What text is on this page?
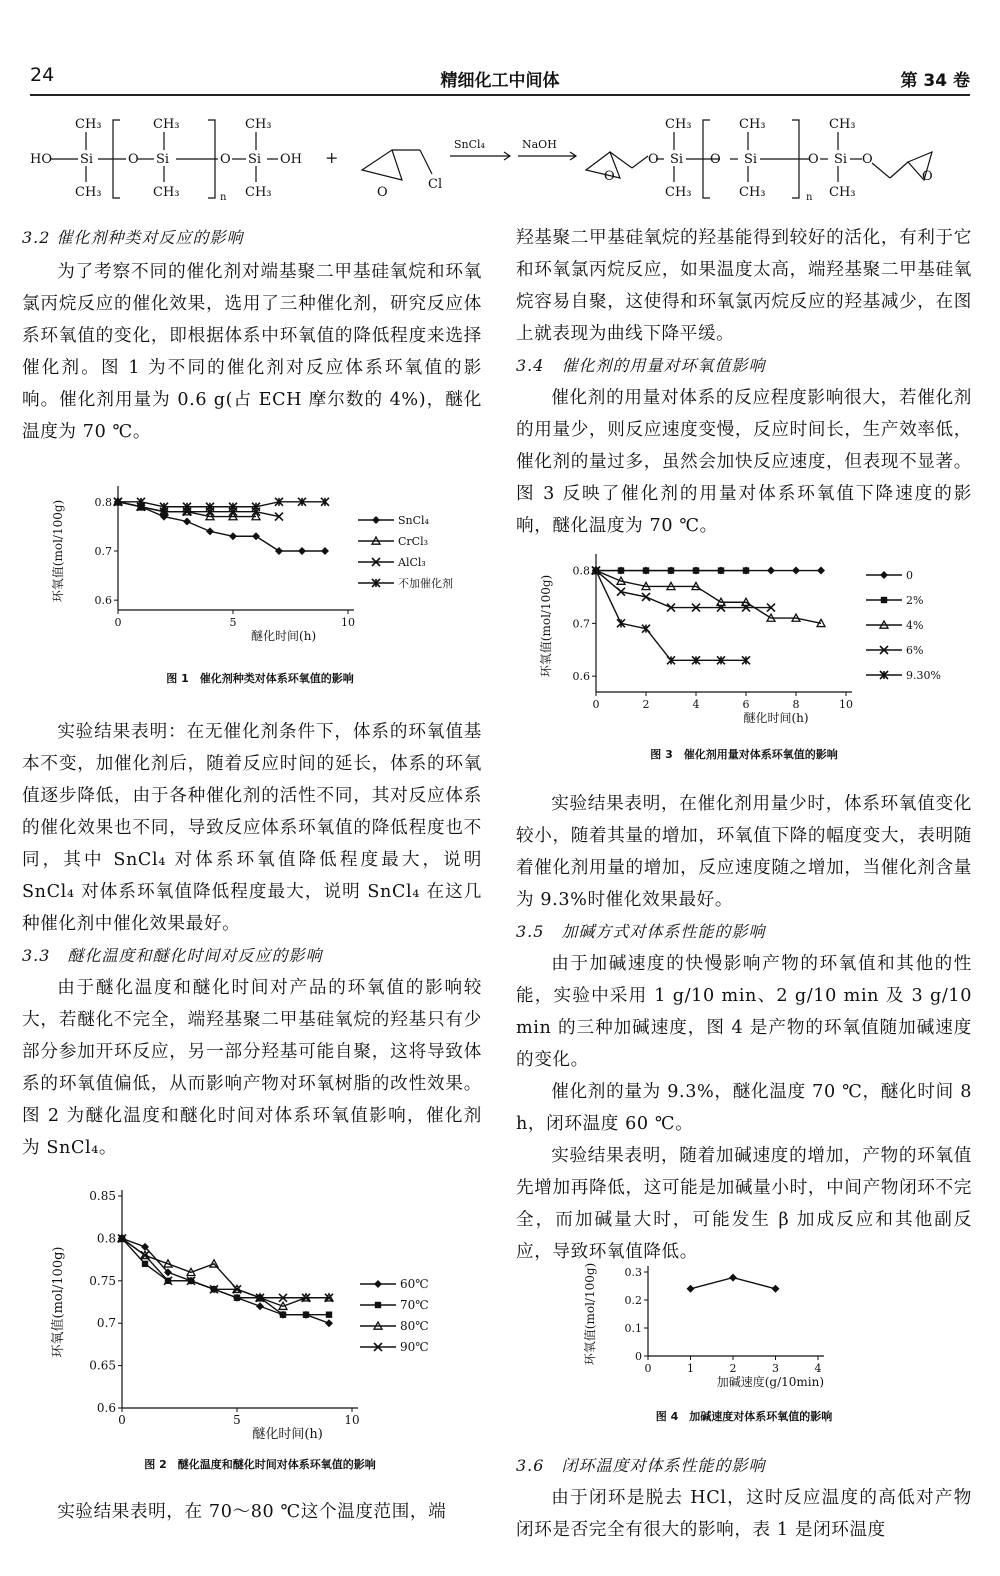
24	精细化工中间体	第 34 卷
CH₃
CH₃
HO Si	O
CH₃
CH₃
Si
n
O
CH₃
CH₃
Si OH +
Cl
O
SnCl₄	NaOH
CH₃
CH₃
Si O
CH₃
CH₃
Si
n
O
CH₃
CH₃
Si O
O	O
O
3.2 催化剂种类对反应的影响

为了考察不同的催化剂对端基聚二甲基硅氧烷和环氧氯丙烷反应的催化效果，选用了三种催化剂，研究反应体系环氧值的变化，即根据体系中环氧值的降低程度来选择催化剂。图 1 为不同的催化剂对反应体系环氧值的影响。催化剂用量为 0.6 g(占 ECH 摩尔数的 4%)，醚化温度为 70 ℃。

0.6
0.7
0.8
0	5	10
醚化时间(h)
环氧值(mol/100g)	SnCl₄
CrCl₃
AlCl₃
不加催化剂
图 1　催化剂种类对体系环氧值的影响

实验结果表明：在无催化剂条件下，体系的环氧值基本不变，加催化剂后，随着反应时间的延长，体系的环氧值逐步降低，由于各种催化剂的活性不同，其对反应体系的催化效果也不同，导致反应体系环氧值的降低程度也不同，其中 SnCl₄ 对体系环氧值降低程度最大，说明 SnCl₄ 对体系环氧值降低程度最大，说明 SnCl₄ 在这几种催化剂中催化效果最好。

3.3　醚化温度和醚化时间对反应的影响

由于醚化温度和醚化时间对产品的环氧值的影响较大，若醚化不完全，端羟基聚二甲基硅氧烷的羟基只有少部分参加开环反应，另一部分羟基可能自聚，这将导致体系的环氧值偏低，从而影响产物对环氧树脂的改性效果。图 2 为醚化温度和醚化时间对体系环氧值影响，催化剂为 SnCl₄。

0.6
0.65
0.7
0.75
0.8
0.85
0	5	10
醚化时间(h)
环氧值(mol/100g)	60℃
70℃
80℃
90℃
图 2　醚化温度和醚化时间对体系环氧值的影响

实验结果表明，在 70～80 ℃这个温度范围，端

羟基聚二甲基硅氧烷的羟基能得到较好的活化，有利于它和环氧氯丙烷反应，如果温度太高，端羟基聚二甲基硅氧烷容易自聚，这使得和环氧氯丙烷反应的羟基减少，在图上就表现为曲线下降平缓。

3.4　催化剂的用量对环氧值影响

催化剂的用量对体系的反应程度影响很大，若催化剂的用量少，则反应速度变慢，反应时间长，生产效率低，催化剂的量过多，虽然会加快反应速度，但表现不显著。图 3 反映了催化剂的用量对体系环氧值下降速度的影响，醚化温度为 70 ℃。

0.6
0.7
0.8
0	2	4	6	8	10
醚化时间(h)
环氧值(mol/100g)	0
2%
4%
6%
9.30%
图 3　催化剂用量对体系环氧值的影响

实验结果表明，在催化剂用量少时，体系环氧值变化较小，随着其量的增加，环氧值下降的幅度变大，表明随着催化剂用量的增加，反应速度随之增加，当催化剂含量为 9.3%时催化效果最好。

3.5　加碱方式对体系性能的影响

由于加碱速度的快慢影响产物的环氧值和其他的性能，实验中采用 1 g/10 min、2 g/10 min 及 3 g/10 min 的三种加碱速度，图 4 是产物的环氧值随加碱速度的变化。

催化剂的量为 9.3%，醚化温度 70 ℃，醚化时间 8 h，闭环温度 60 ℃。

实验结果表明，随着加碱速度的增加，产物的环氧值先增加再降低，这可能是加碱量小时，中间产物闭环不完全，而加碱量大时，可能发生 β 加成反应和其他副反应，导致环氧值降低。

0
0.1
0.2
0.3
0	1	2	3	4
加碱速度(g/10min)
环氧值(mol/100g)
图 4　加碱速度对体系环氧值的影响
3.6　闭环温度对体系性能的影响

由于闭环是脱去 HCl，这时反应温度的高低对产物闭环是否完全有很大的影响，表 1 是闭环温度
